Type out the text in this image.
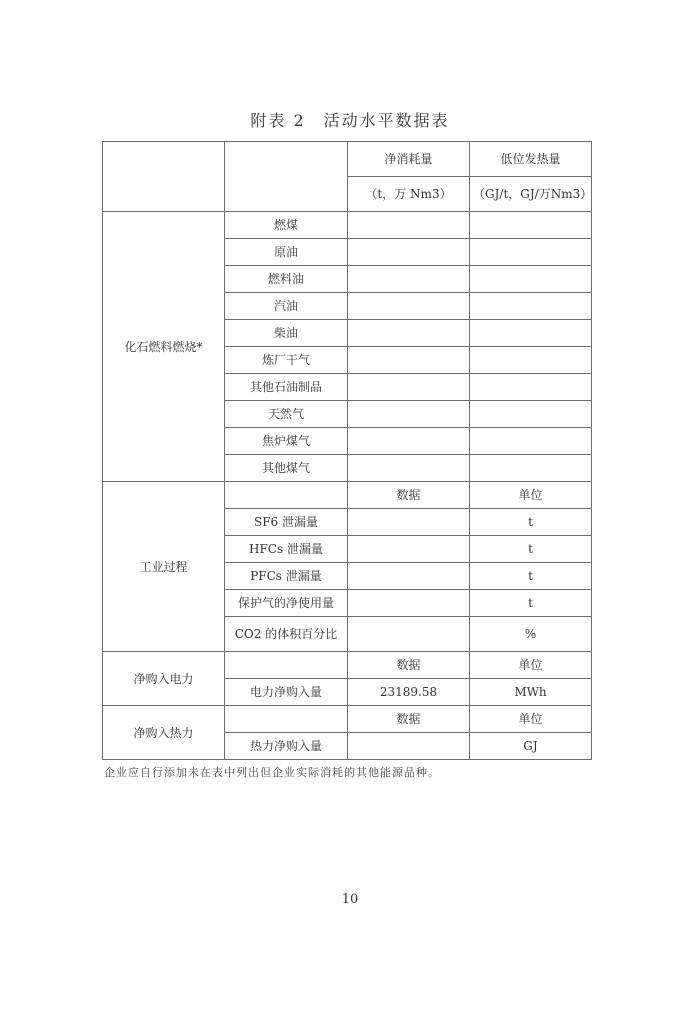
附表 2　活动水平数据表
		净消耗量	低位发热量
		（t，万 Nm3）	（GJ/t，GJ/万Nm3）
化石燃料燃烧*	燃煤		
	原油		
	燃料油		
	汽油		
	柴油		
	炼厂干气		
	其他石油制品		
	天然气		
	焦炉煤气		
	其他煤气		
工业过程		数据	单位
	SF6 泄漏量		t
	HFCs 泄漏量		t
	PFCs 泄漏量		t
	保护气的净使用量		t
	CO2 的体积百分比		%
净购入电力		数据	单位
	电力净购入量	23189.58	MWh
净购入热力		数据	单位
	热力净购入量		GJ
企业应自行添加未在表中列出但企业实际消耗的其他能源品种。
10
